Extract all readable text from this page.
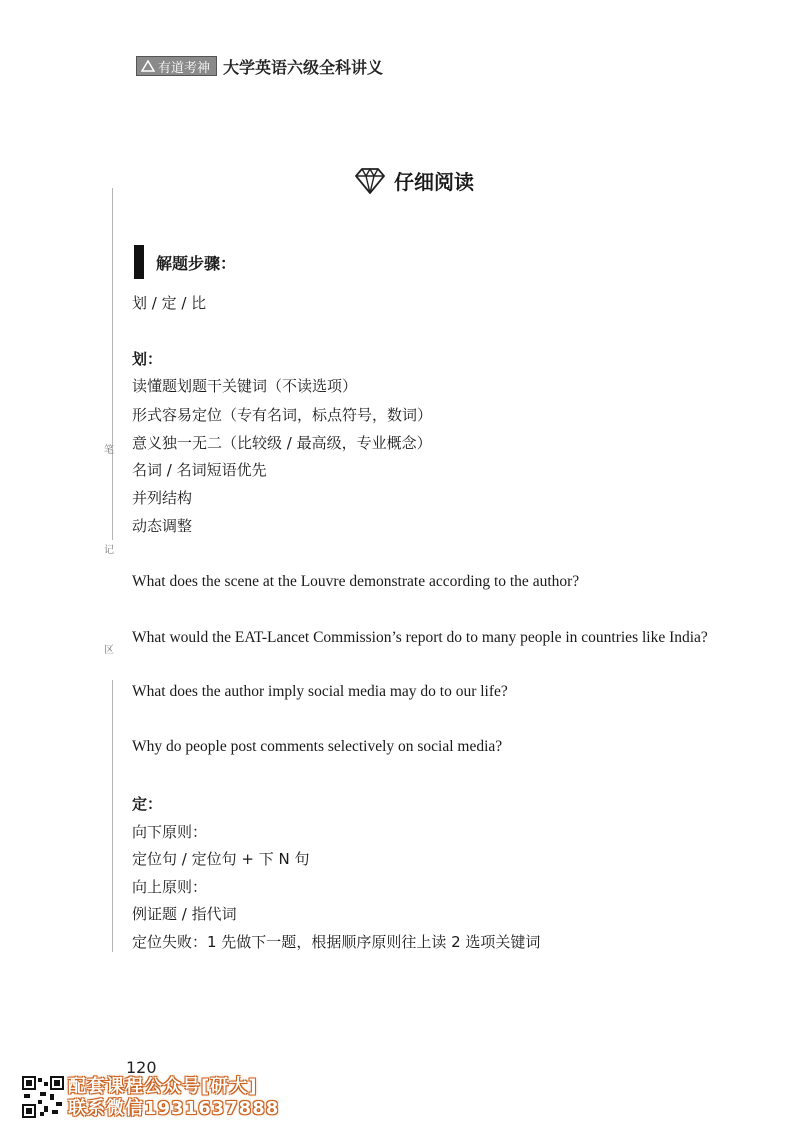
有道考神 大学英语六级全科讲义
笔
记
区
仔细阅读
解题步骤：
划 / 定 / 比
划：
读懂题划题干关键词（不读选项）
形式容易定位（专有名词，标点符号，数词）
意义独一无二（比较级 / 最高级，专业概念）
名词 / 名词短语优先
并列结构
动态调整
What does the scene at the Louvre demonstrate according to the author?
What would the EAT-Lancet Commission’s report do to many people in countries like India?
What does the author imply social media may do to our life?
Why do people post comments selectively on social media?
定：
向下原则：
定位句 / 定位句 + 下 N 句
向上原则：
例证题 / 指代词
定位失败：1 先做下一题，根据顺序原则往上读 2 选项关键词
120
配套课程公众号[研大]
联系微信1931637888
